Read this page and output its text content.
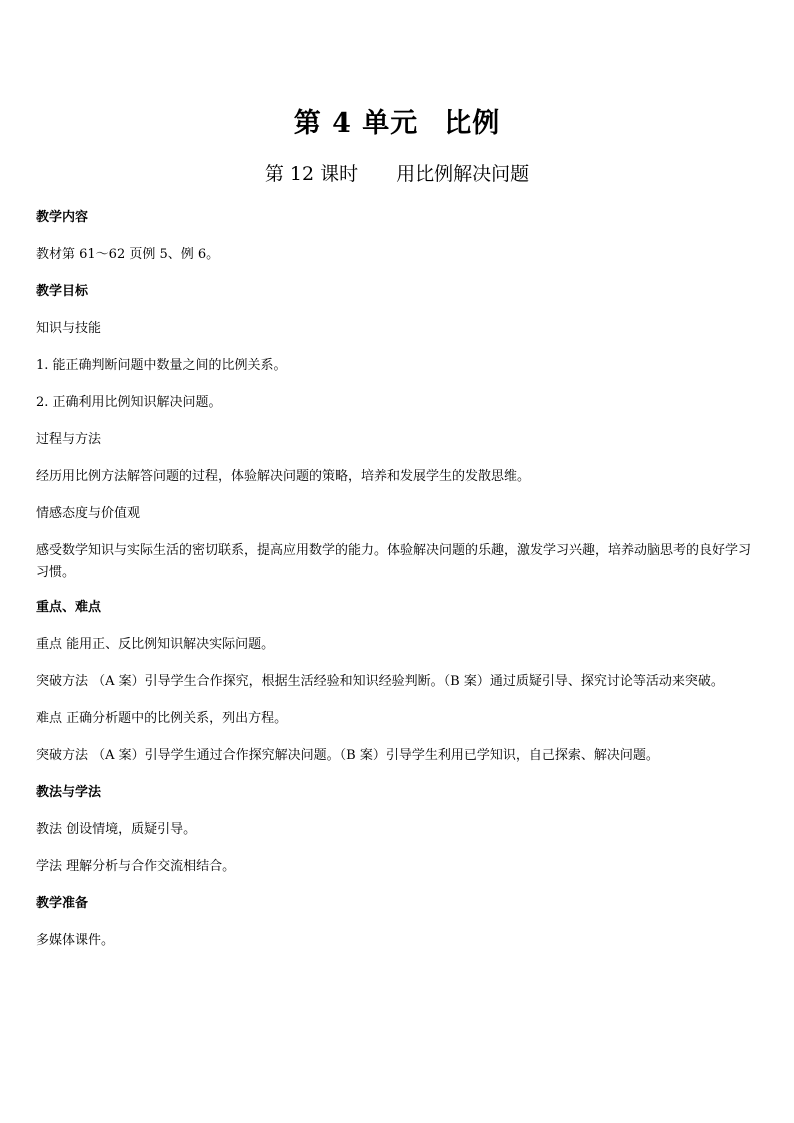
第 4 单元 比例
第 12 课时 用比例解决问题

教学内容

教材第 61～62 页例 5、例 6。

教学目标

知识与技能

1. 能正确判断问题中数量之间的比例关系。

2. 正确利用比例知识解决问题。

过程与方法

经历用比例方法解答问题的过程，体验解决问题的策略，培养和发展学生的发散思维。

情感态度与价值观

感受数学知识与实际生活的密切联系，提高应用数学的能力。体验解决问题的乐趣，激发学习兴趣，培养动脑思考的良好学习习惯。

重点、难点

重点 能用正、反比例知识解决实际问题。

突破方法 （A 案）引导学生合作探究，根据生活经验和知识经验判断。（B 案）通过质疑引导、探究讨论等活动来突破。

难点 正确分析题中的比例关系，列出方程。

突破方法 （A 案）引导学生通过合作探究解决问题。（B 案）引导学生利用已学知识，自己探索、解决问题。

教法与学法

教法 创设情境，质疑引导。

学法 理解分析与合作交流相结合。

教学准备

多媒体课件。
